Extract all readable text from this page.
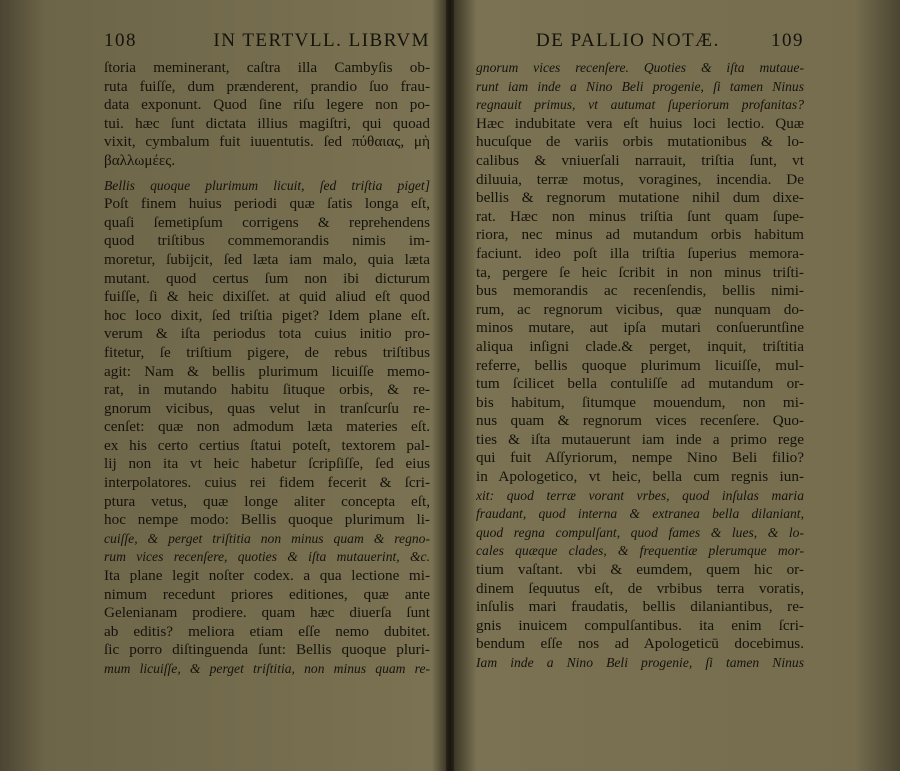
108	IN TERTVLL. LIBRVM
ſtoria meminerant, caſtra illa Cambyſis ob-
ruta fuiſſe, dum prænderent, prandio ſuo frau-
data exponunt. Quod ſine riſu legere non po-
tui. hæc ſunt dictata illius magiſtri, qui quoad
vixit, cymbalum fuit iuuentutis. ſed πύθαιας, μὴ
βαλλωμέες.
Bellis quoque plurimum licuit, ſed triſtia piget]
Poſt finem huius periodi quæ ſatis longa eſt,
quaſi ſemetipſum corrigens & reprehendens
quod triſtibus commemorandis nimis im-
moretur, ſubijcit, ſed læta iam malo, quia læta
mutant. quod certus ſum non ibi dicturum
fuiſſe, ſi & heic dixiſſet. at quid aliud eſt quod
hoc loco dixit, ſed triſtia piget? Idem plane eſt.
verum & iſta periodus tota cuius initio pro-
fitetur, ſe triſtium pigere, de rebus triſtibus
agit: Nam & bellis plurimum licuiſſe memo-
rat, in mutando habitu ſituque orbis, & re-
gnorum vicibus, quas velut in tranſcurſu re-
cenſet: quæ non admodum læta materies eſt.
ex his certo certius ſtatui poteſt, textorem pal-
lij non ita vt heic habetur ſcripſiſſe, ſed eius
interpolatores. cuius rei fidem fecerit & ſcri-
ptura vetus, quæ longe aliter concepta eſt,
hoc nempe modo: Bellis quoque plurimum li-
cuiſſe, & perget triſtitia non minus quam & regno-
rum vices recenſere, quoties & iſta mutauerint, &c.
Ita plane legit noſter codex. a qua lectione mi-
nimum recedunt priores editiones, quæ ante
Gelenianam prodiere. quam hæc diuerſa ſunt
ab editis? meliora etiam eſſe nemo dubitet.
ſic porro diſtinguenda ſunt: Bellis quoque pluri-
mum licuiſſe, & perget triſtitia, non minus quam re-
DE PALLIO NOTÆ.	109
gnorum vices recenſere. Quoties & iſta mutaue-
runt iam inde a Nino Beli progenie, ſi tamen Ninus
regnauit primus, vt autumat ſuperiorum profanitas?
Hæc indubitate vera eſt huius loci lectio. Quæ
hucuſque de variis orbis mutationibus & lo-
calibus & vniuerſali narrauit, triſtia ſunt, vt
diluuia, terræ motus, voragines, incendia. De
bellis & regnorum mutatione nihil dum dixe-
rat. Hæc non minus triſtia ſunt quam ſupe-
riora, nec minus ad mutandum orbis habitum
faciunt. ideo poſt illa triſtia ſuperius memora-
ta, pergere ſe heic ſcribit in non minus triſti-
bus memorandis ac recenſendis, bellis nimi-
rum, ac regnorum vicibus, quæ nunquam do-
minos mutare, aut ipſa mutari conſueruntſine
aliqua inſigni clade.& perget, inquit, triſtitia
referre, bellis quoque plurimum licuiſſe, mul-
tum ſcilicet bella contuliſſe ad mutandum or-
bis habitum, ſitumque mouendum, non mi-
nus quam & regnorum vices recenſere. Quo-
ties & iſta mutauerunt iam inde a primo rege
qui fuit Aſſyriorum, nempe Nino Beli filio?
in Apologetico, vt heic, bella cum regnis iun-
xit: quod terræ vorant vrbes, quod inſulas maria
fraudant, quod interna & extranea bella dilaniant,
quod regna compulſant, quod fames & lues, & lo-
cales quæque clades, & frequentiæ plerumque mor-
tium vaſtant. vbi & eumdem, quem hic or-
dinem ſequutus eſt, de vrbibus terra voratis,
inſulis mari fraudatis, bellis dilaniantibus, re-
gnis inuicem compulſantibus. ita enim ſcri-
bendum eſſe nos ad Apologeticū docebimus.
Iam inde a Nino Beli progenie, ſi tamen Ninus
